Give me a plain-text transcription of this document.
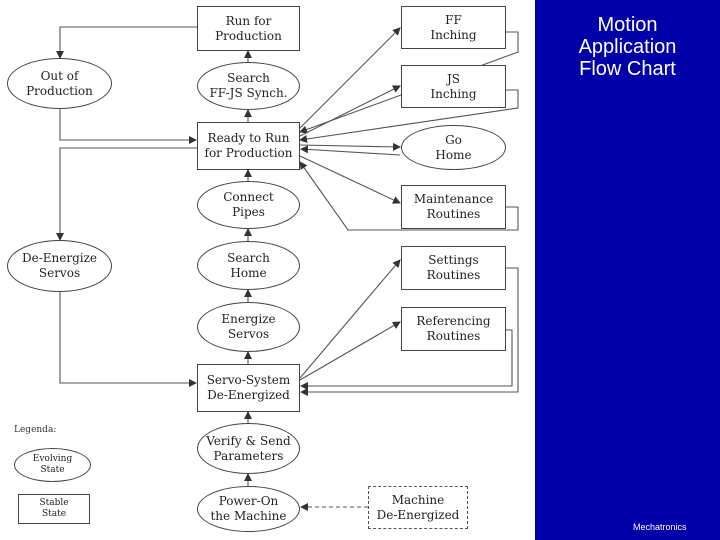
Run for
Production
Search
FF-JS Synch.
Ready to Run
for Production
Connect
Pipes
Search
Home
Energize
Servos
Servo-System
De-Energized
Verify & Send
Parameters
Power-On
the Machine
Out of
Production
De-Energize
Servos
FF
Inching
JS
Inching
Go
Home
Maintenance
Routines
Settings
Routines
Referencing
Routines
Machine
De-Energized
Legenda:
Evolving
State
Stable
State
Motion
Application
Flow Chart
Mechatronics
